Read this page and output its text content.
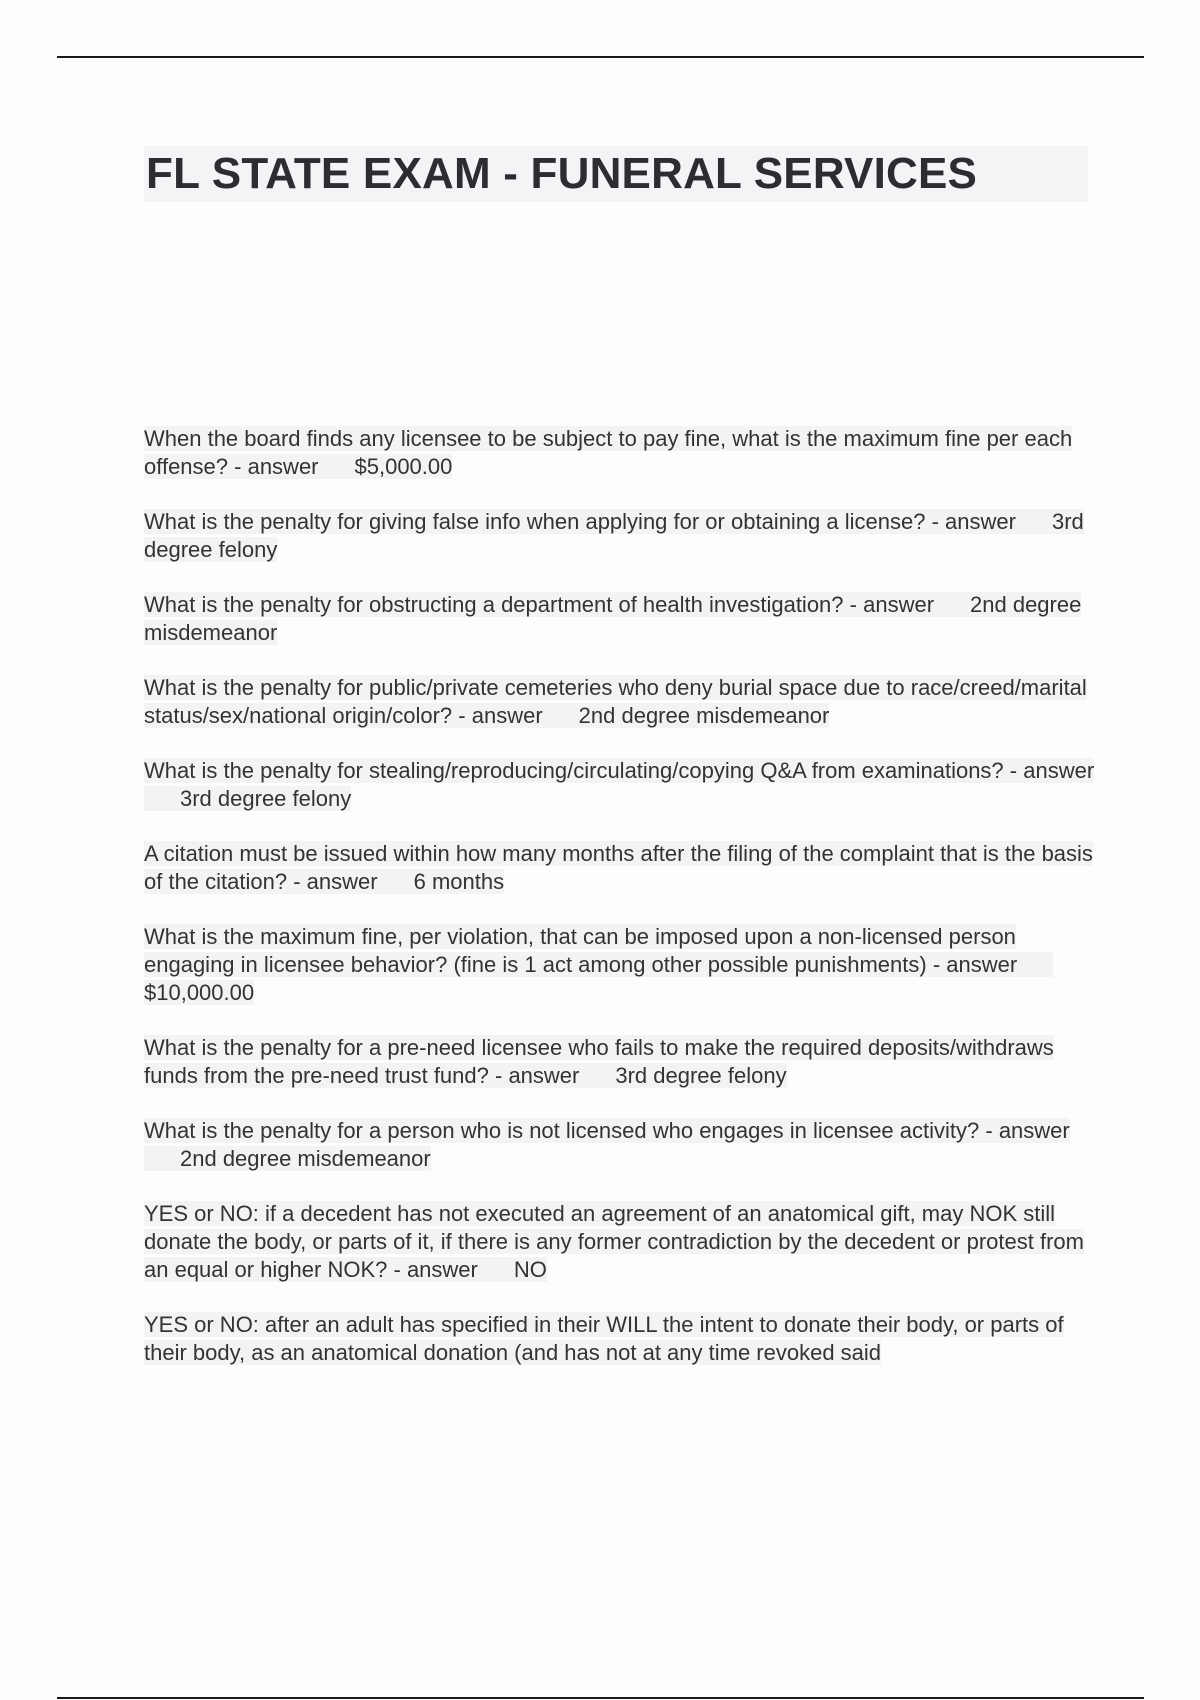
FL STATE EXAM - FUNERAL SERVICES

When the board finds any licensee to be subject to pay fine, what is the maximum fine per each offense? - answer $5,000.00

What is the penalty for giving false info when applying for or obtaining a license? - answer 3rd degree felony

What is the penalty for obstructing a department of health investigation? - answer 2nd degree misdemeanor

What is the penalty for public/private cemeteries who deny burial space due to race/creed/marital status/sex/national origin/color? - answer 2nd degree misdemeanor

What is the penalty for stealing/reproducing/circulating/copying Q&A from examinations? - answer3rd degree felony

A citation must be issued within how many months after the filing of the complaint that is the basis of the citation? - answer 6 months

What is the maximum fine, per violation, that can be imposed upon a non-licensed person engaging in licensee behavior? (fine is 1 act among other possible punishments) - answer$10,000.00

What is the penalty for a pre-need licensee who fails to make the required deposits/withdraws funds from the pre-need trust fund? - answer 3rd degree felony

What is the penalty for a person who is not licensed who engages in licensee activity? - answer2nd degree misdemeanor

YES or NO: if a decedent has not executed an agreement of an anatomical gift, may NOK still donate the body, or parts of it, if there is any former contradiction by the decedent or protest from an equal or higher NOK? - answer NO

YES or NO: after an adult has specified in their WILL the intent to donate their body, or parts of their body, as an anatomical donation (and has not at any time revoked said
